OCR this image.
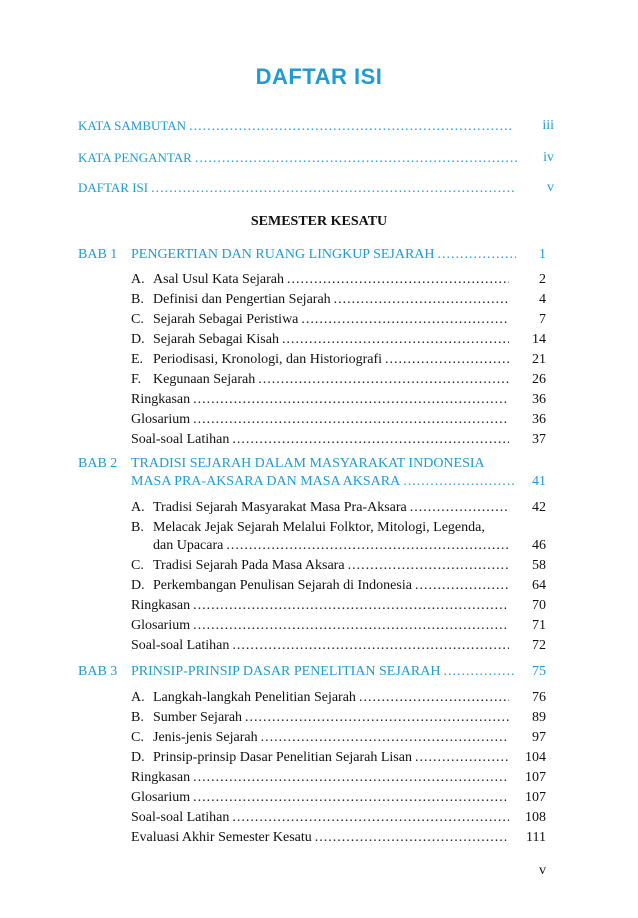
DAFTAR ISI
KATA SAMBUTAN .....	iii
KATA PENGANTAR .....	iv
DAFTAR ISI .....	v
SEMESTER KESATU
BAB 1 PENGERTIAN DAN RUANG LINGKUP SEJARAH .....	1
A. Asal Usul Kata Sejarah .....	2
B. Definisi dan Pengertian Sejarah .....	4
C. Sejarah Sebagai Peristiwa .....	7
D. Sejarah Sebagai Kisah .....	14
E. Periodisasi, Kronologi, dan Historiografi .....	21
F. Kegunaan Sejarah .....	26
Ringkasan .....	36
Glosarium .....	36
Soal-soal Latihan .....	37
BAB 2 TRADISI SEJARAH DALAM MASYARAKAT INDONESIA
MASA PRA-AKSARA DAN MASA AKSARA .....	41
A. Tradisi Sejarah Masyarakat Masa Pra-Aksara .....	42
B. Melacak Jejak Sejarah Melalui Folktor, Mitologi, Legenda,
dan Upacara .....	46
C. Tradisi Sejarah Pada Masa Aksara .....	58
D. Perkembangan Penulisan Sejarah di Indonesia .....	64
Ringkasan .....	70
Glosarium .....	71
Soal-soal Latihan .....	72
BAB 3 PRINSIP-PRINSIP DASAR PENELITIAN SEJARAH .....	75
A. Langkah-langkah Penelitian Sejarah .....	76
B. Sumber Sejarah .....	89
C. Jenis-jenis Sejarah .....	97
D. Prinsip-prinsip Dasar Penelitian Sejarah Lisan .....	104
Ringkasan .....	107
Glosarium .....	107
Soal-soal Latihan .....	108
Evaluasi Akhir Semester Kesatu .....	111
v
